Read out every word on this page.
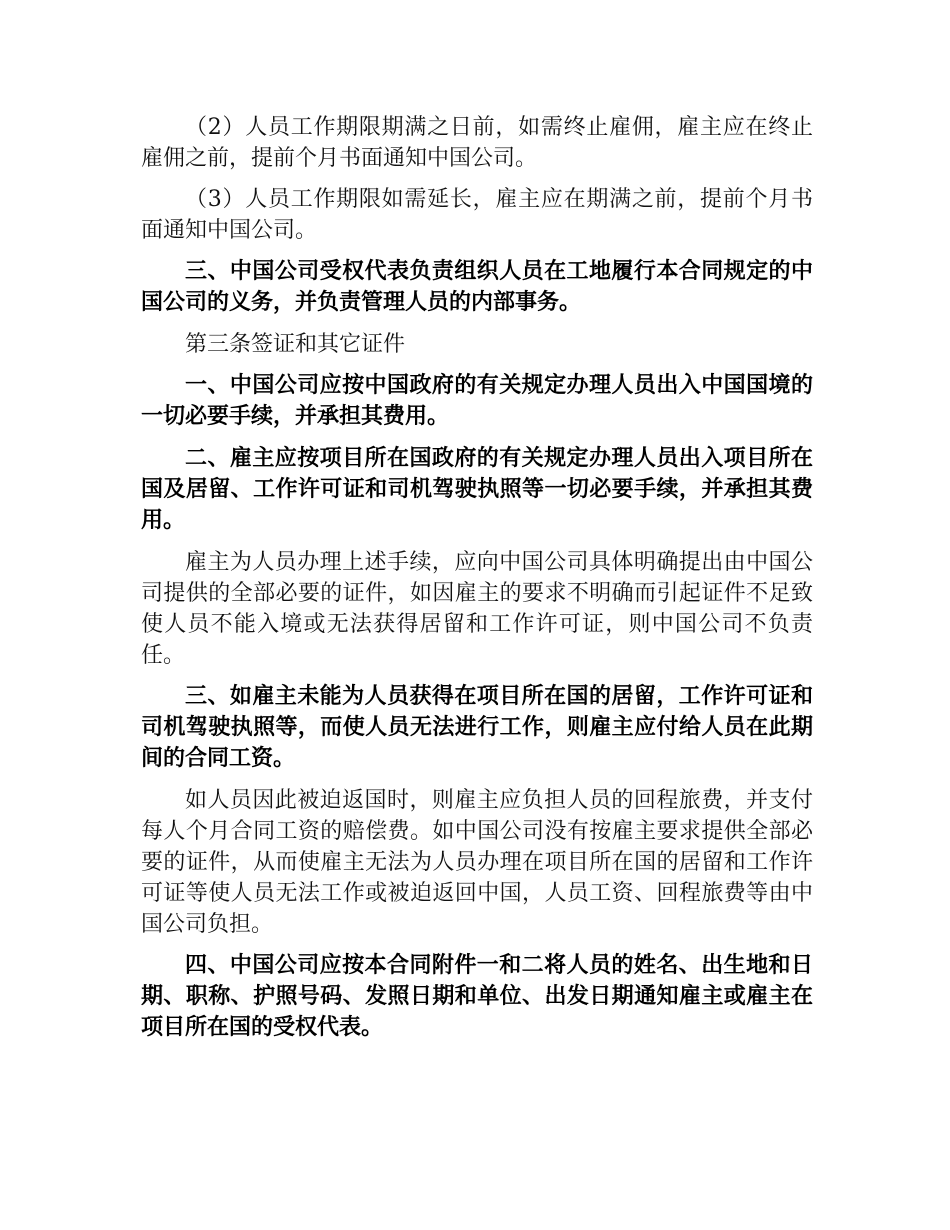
（2）人员工作期限期满之日前，如需终止雇佣，雇主应在终止雇佣之前，提前个月书面通知中国公司。

（3）人员工作期限如需延长，雇主应在期满之前，提前个月书面通知中国公司。

三、中国公司受权代表负责组织人员在工地履行本合同规定的中国公司的义务，并负责管理人员的内部事务。

第三条签证和其它证件

一、中国公司应按中国政府的有关规定办理人员出入中国国境的一切必要手续，并承担其费用。

二、雇主应按项目所在国政府的有关规定办理人员出入项目所在国及居留、工作许可证和司机驾驶执照等一切必要手续，并承担其费用。

雇主为人员办理上述手续，应向中国公司具体明确提出由中国公司提供的全部必要的证件，如因雇主的要求不明确而引起证件不足致使人员不能入境或无法获得居留和工作许可证，则中国公司不负责任。

三、如雇主未能为人员获得在项目所在国的居留，工作许可证和司机驾驶执照等，而使人员无法进行工作，则雇主应付给人员在此期间的合同工资。

如人员因此被迫返国时，则雇主应负担人员的回程旅费，并支付每人个月合同工资的赔偿费。如中国公司没有按雇主要求提供全部必要的证件，从而使雇主无法为人员办理在项目所在国的居留和工作许可证等使人员无法工作或被迫返回中国，人员工资、回程旅费等由中国公司负担。

四、中国公司应按本合同附件一和二将人员的姓名、出生地和日期、职称、护照号码、发照日期和单位、出发日期通知雇主或雇主在项目所在国的受权代表。
